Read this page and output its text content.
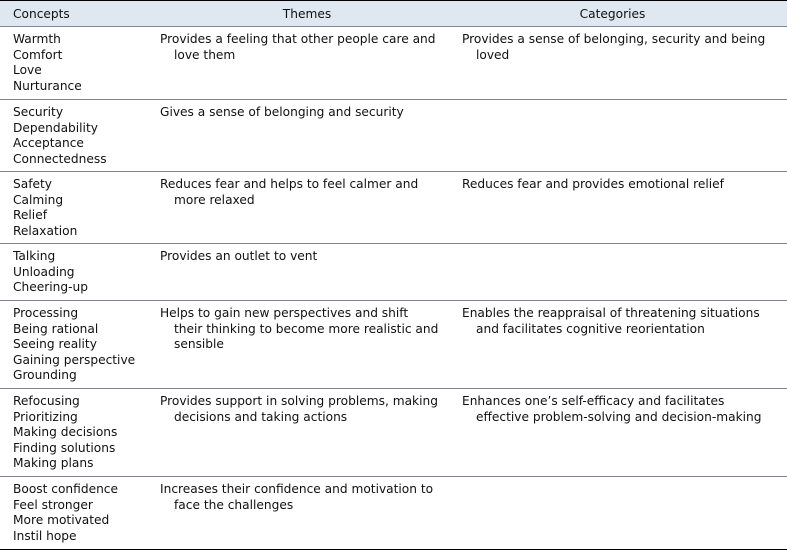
Concepts	Themes	Categories
Warmth
Comfort
Love
Nurturance
Provides a feeling that other people care and love them
Provides a sense of belonging, security and being loved
Security
Dependability
Acceptance
Connectedness
Gives a sense of belonging and security
Safety
Calming
Relief
Relaxation
Reduces fear and helps to feel calmer and more relaxed
Reduces fear and provides emotional relief
Talking
Unloading
Cheering-up
Provides an outlet to vent
Processing
Being rational
Seeing reality
Gaining perspective
Grounding
Helps to gain new perspectives and shift their thinking to become more realistic and sensible
Enables the reappraisal of threatening situations and facilitates cognitive reorientation
Refocusing
Prioritizing
Making decisions
Finding solutions
Making plans
Provides support in solving problems, making decisions and taking actions
Enhances one’s self-efficacy and facilitates effective problem-solving and decision-making
Boost confidence
Feel stronger
More motivated
Instil hope
Increases their confidence and motivation to face the challenges
